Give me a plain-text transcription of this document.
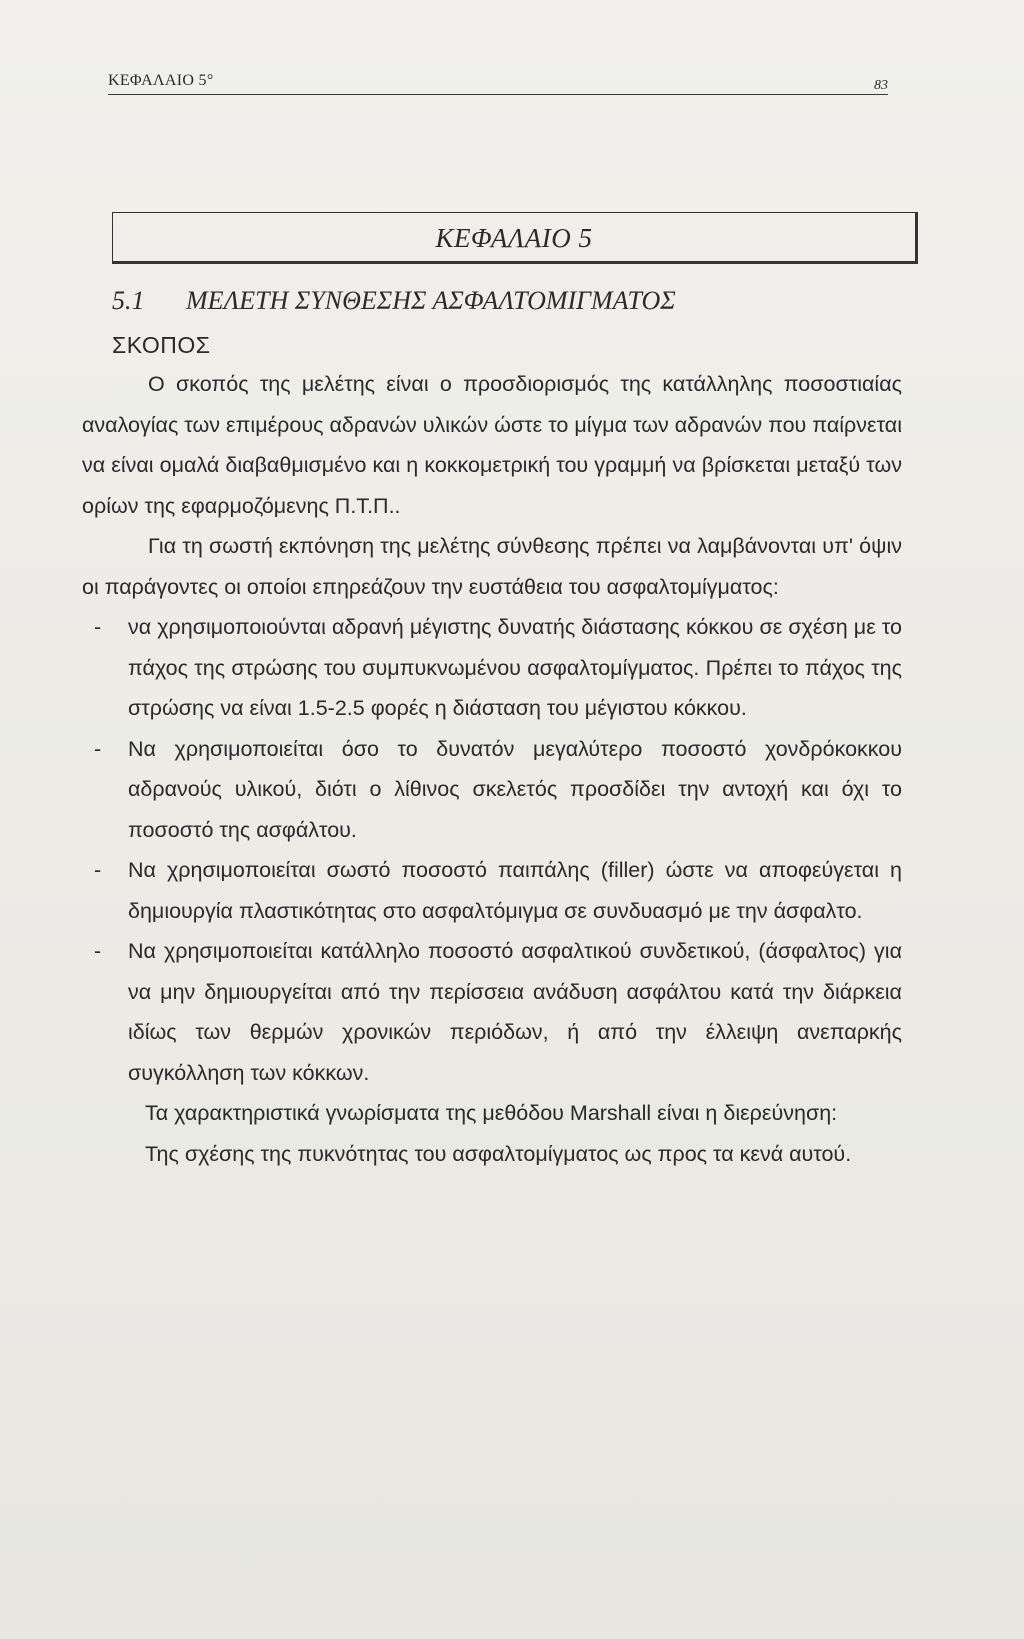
ΚΕΦΑΛΑΙΟ 5°	83
ΚΕΦΑΛΑΙΟ 5
5.1 ΜΕΛΕΤΗ ΣΥΝΘΕΣΗΣ ΑΣΦΑΛΤΟΜΙΓΜΑΤΟΣ
ΣΚΟΠΟΣ

Ο σκοπός της μελέτης είναι ο προσδιορισμός της κατάλληλης ποσοστιαίας αναλογίας των επιμέρους αδρανών υλικών ώστε το μίγμα των αδρανών που παίρνεται να είναι ομαλά διαβαθμισμένο και η κοκκομετρική του γραμμή να βρίσκεται μεταξύ των ορίων της εφαρμοζόμενης Π.Τ.Π..

Για τη σωστή εκπόνηση της μελέτης σύνθεσης πρέπει να λαμβάνονται υπ' όψιν οι παράγοντες οι οποίοι επηρεάζουν την ευστάθεια του ασφαλτομίγματος:

- να χρησιμοποιούνται αδρανή μέγιστης δυνατής διάστασης κόκκου σε σχέση με το πάχος της στρώσης του συμπυκνωμένου ασφαλτομίγματος. Πρέπει το πάχος της στρώσης να είναι 1.5-2.5 φορές η διάσταση του μέγιστου κόκκου.
- Να χρησιμοποιείται όσο το δυνατόν μεγαλύτερο ποσοστό χονδρόκοκκου αδρανούς υλικού, διότι ο λίθινος σκελετός προσδίδει την αντοχή και όχι το ποσοστό της ασφάλτου.
- Να χρησιμοποιείται σωστό ποσοστό παιπάλης (filler) ώστε να αποφεύγεται η δημιουργία πλαστικότητας στο ασφαλτόμιγμα σε συνδυασμό με την άσφαλτο.
- Να χρησιμοποιείται κατάλληλο ποσοστό ασφαλτικού συνδετικού, (άσφαλτος) για να μην δημιουργείται από την περίσσεια ανάδυση ασφάλτου κατά την διάρκεια ιδίως των θερμών χρονικών περιόδων, ή από την έλλειψη ανεπαρκής συγκόλληση των κόκκων.

Τα χαρακτηριστικά γνωρίσματα της μεθόδου Marshall είναι η διερεύνηση:

Της σχέσης της πυκνότητας του ασφαλτομίγματος ως προς τα κενά αυτού.
